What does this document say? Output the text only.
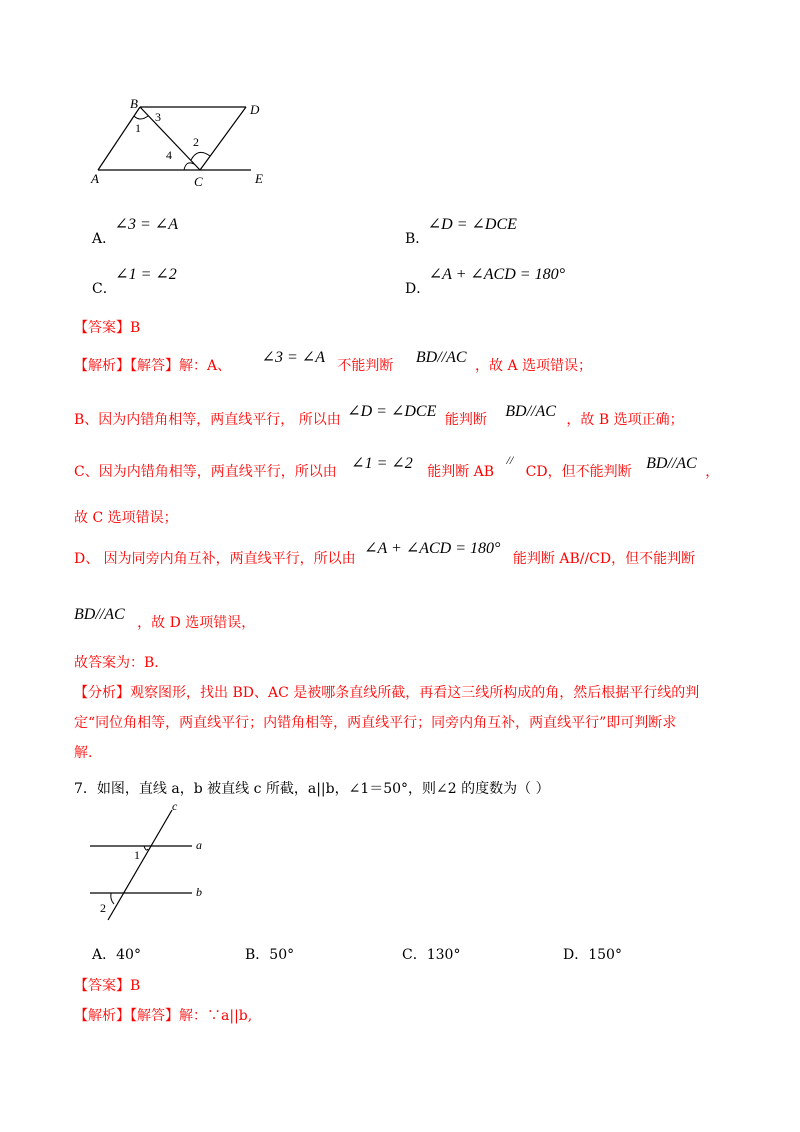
B	D
A	C	E
1
3
2
4
A． ∠3 = ∠A
B． ∠D = ∠DCE
C． ∠1 = ∠2
D． ∠A + ∠ACD = 180°
【答案】B
【解析】【解答】解：A、 ∠3 = ∠A 不能判断 BD//AC ，故 A 选项错误；
B、因为内错角相等，两直线平行， 所以由 ∠D = ∠DCE 能判断 BD//AC ，故 B 选项正确；
C、因为内错角相等，两直线平行，所以由 ∠1 = ∠2 能判断 AB // CD，但不能判断 BD//AC ，
故 C 选项错误；
D、 因为同旁内角互补，两直线平行，所以由 ∠A + ∠ACD = 180° 能判断 AB//CD，但不能判断
BD//AC ，故 D 选项错误，
故答案为：B.
【分析】观察图形，找出 BD、AC 是被哪条直线所截，再看这三线所构成的角，然后根据平行线的判
定“同位角相等，两直线平行；内错角相等，两直线平行；同旁内角互补，两直线平行”即可判断求
解.
7．如图，直线 a，b 被直线 c 所截，a||b，∠1＝50°，则∠2 的度数为（ ）
c
a
b
1
2
A．40°	B．50°	C．130°	D．150°
【答案】B
【解析】【解答】解：∵a||b,
